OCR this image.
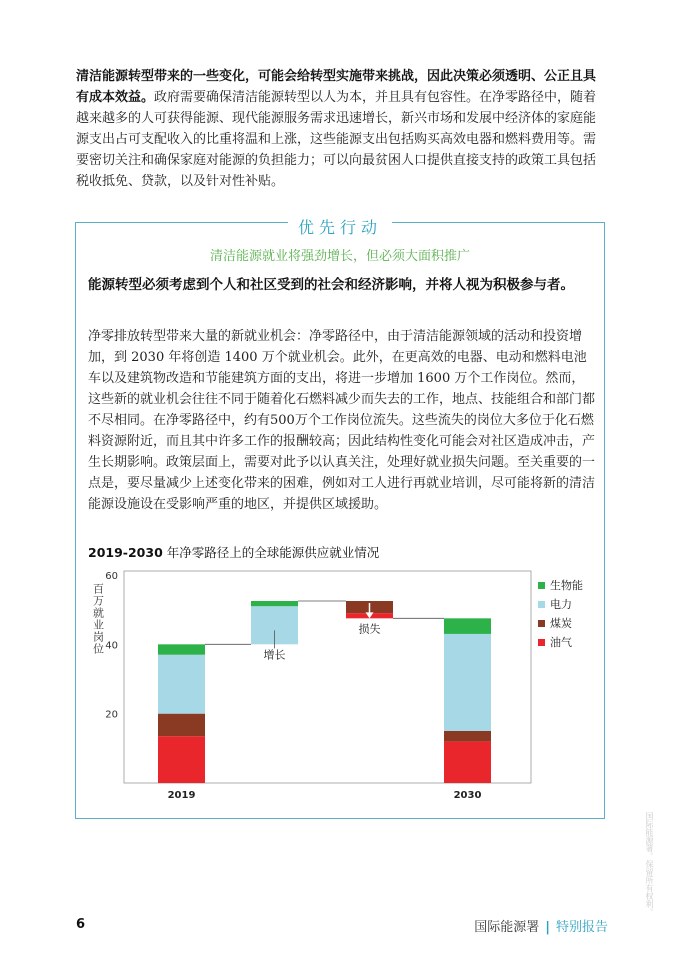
清洁能源转型带来的一些变化，可能会给转型实施带来挑战，因此决策必须透明、公正且具有成本效益。政府需要确保清洁能源转型以人为本，并且具有包容性。在净零路径中，随着越来越多的人可获得能源、现代能源服务需求迅速增长，新兴市场和发展中经济体的家庭能源支出占可支配收入的比重将温和上涨，这些能源支出包括购买高效电器和燃料费用等。需要密切关注和确保家庭对能源的负担能力；可以向最贫困人口提供直接支持的政策工具包括税收抵免、贷款，以及针对性补贴。

优先行动
清洁能源就业将强劲增长，但必须大面积推广

能源转型必须考虑到个人和社区受到的社会和经济影响，并将人视为积极参与者。

净零排放转型带来大量的新就业机会：净零路径中，由于清洁能源领域的活动和投资增加，到 2030 年将创造 1400 万个就业机会。此外，在更高效的电器、电动和燃料电池车以及建筑物改造和节能建筑方面的支出，将进一步增加 1600 万个工作岗位。然而，这些新的就业机会往往不同于随着化石燃料减少而失去的工作，地点、技能组合和部门都不尽相同。在净零路径中，约有500万个工作岗位流失。这些流失的岗位大多位于化石燃料资源附近，而且其中许多工作的报酬较高；因此结构性变化可能会对社区造成冲击，产生长期影响。政策层面上，需要对此予以认真关注，处理好就业损失问题。至关重要的一点是，要尽量减少上述变化带来的困难，例如对工人进行再就业培训，尽可能将新的清洁能源设施设在受影响严重的地区，并提供区域援助。

2019-2030 年净零路径上的全球能源供应就业情况
20
40
60
百万就业岗位	增长
损失
2019	2030
生物能
电力
煤炭
油气
6	国际能源署 | 特别报告
国际能源署。保留所有权利。
